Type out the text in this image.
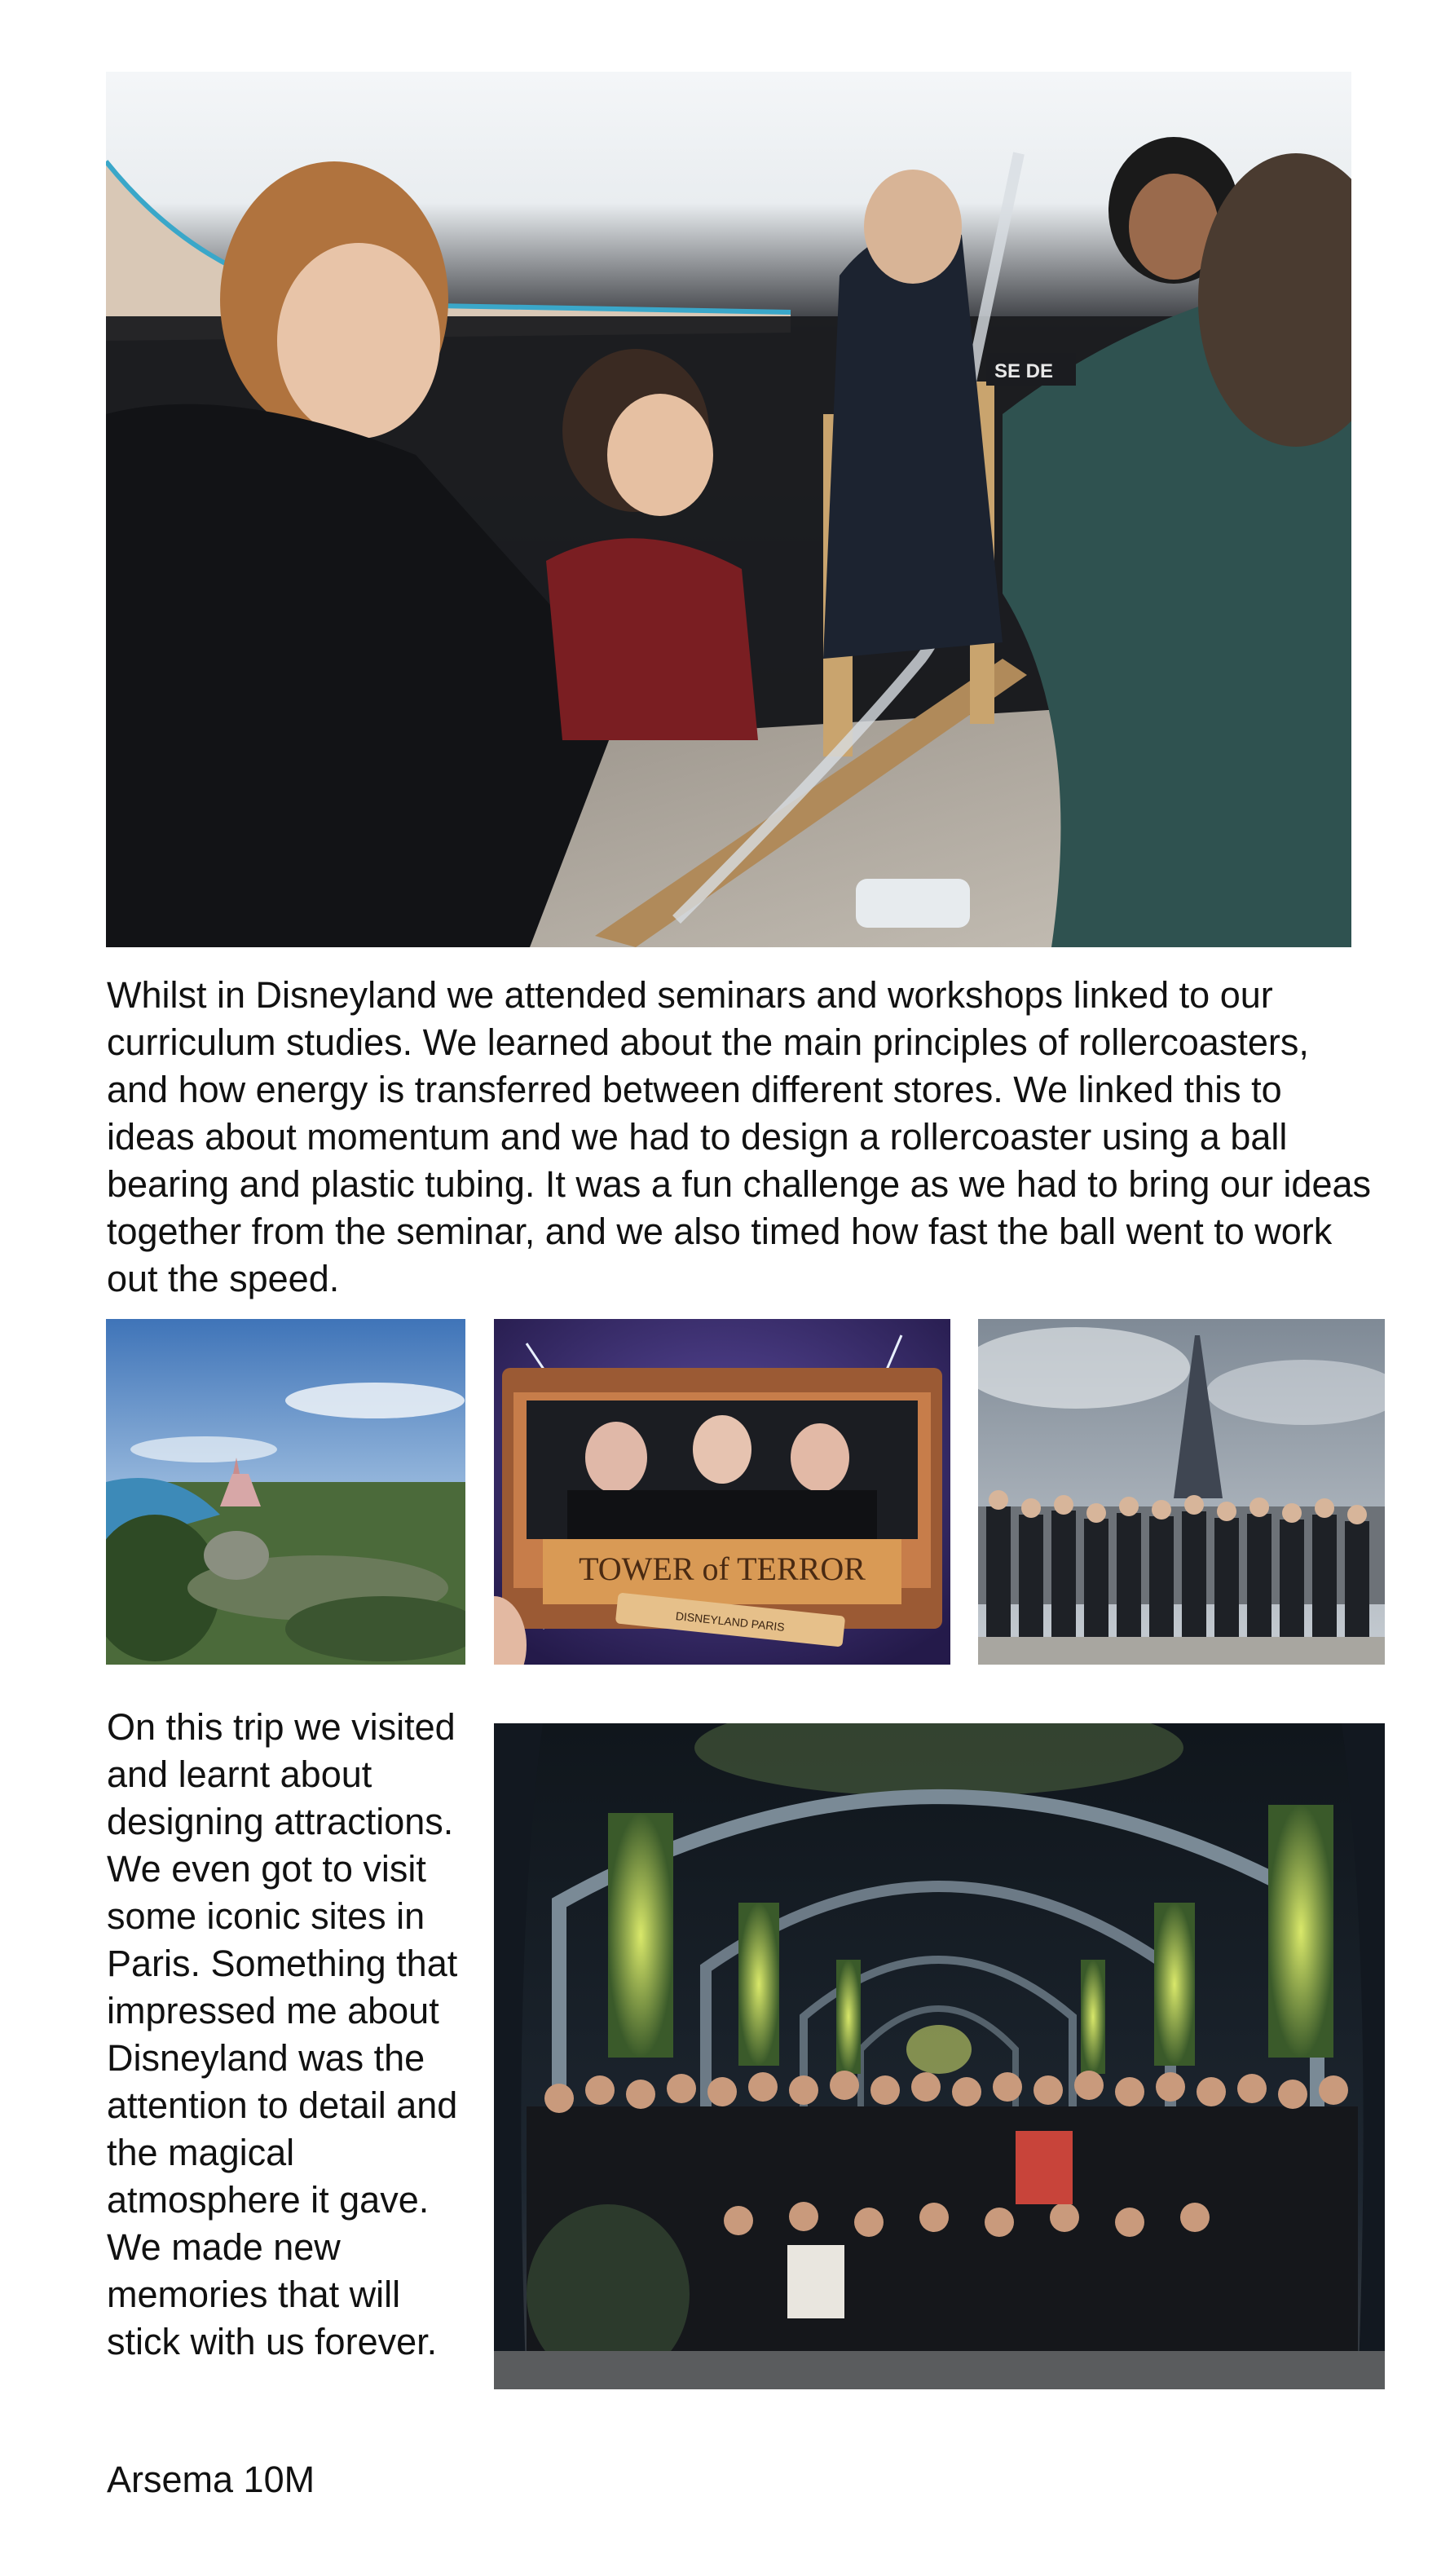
SE DE

Whilst in Disneyland we attended seminars and workshops linked to our curriculum studies. We learned about the main principles of rollercoasters, and how energy is transferred between different stores. We linked this to ideas about momentum and we had to design a rollercoaster using a ball bearing and plastic tubing. It was a fun challenge as we had to bring our ideas together from the seminar, and we also timed how fast the ball went to work out the speed.

TOWER of TERROR
DISNEYLAND PARIS

On this trip we visited and learnt about designing attractions. We even got to visit some iconic sites in Paris. Something that impressed me about Disneyland was the attention to detail and the magical atmosphere it gave. We made new memories that will stick with us forever.

Arsema 10M
